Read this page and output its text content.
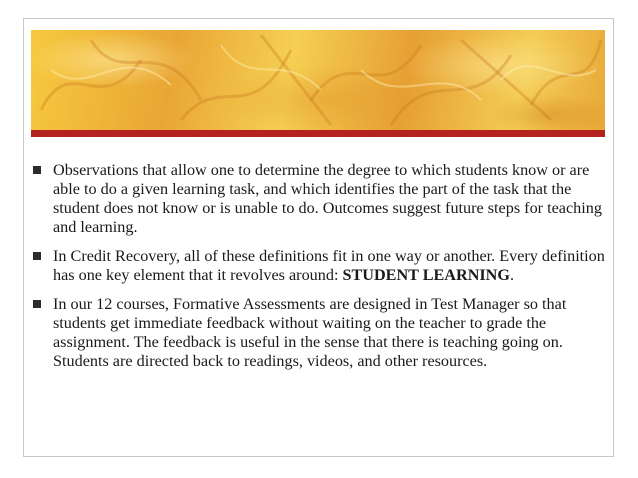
Observations that allow one to determine the degree to which students know or are able to do a given learning task, and which identifies the part of the task that the student does not know or is unable to do. Outcomes suggest future steps for teaching and learning.
In Credit Recovery, all of these definitions fit in one way or another. Every definition has one key element that it revolves around: STUDENT LEARNING.
In our 12 courses, Formative Assessments are designed in Test Manager so that students get immediate feedback without waiting on the teacher to grade the assignment. The feedback is useful in the sense that there is teaching going on. Students are directed back to readings, videos, and other resources.
